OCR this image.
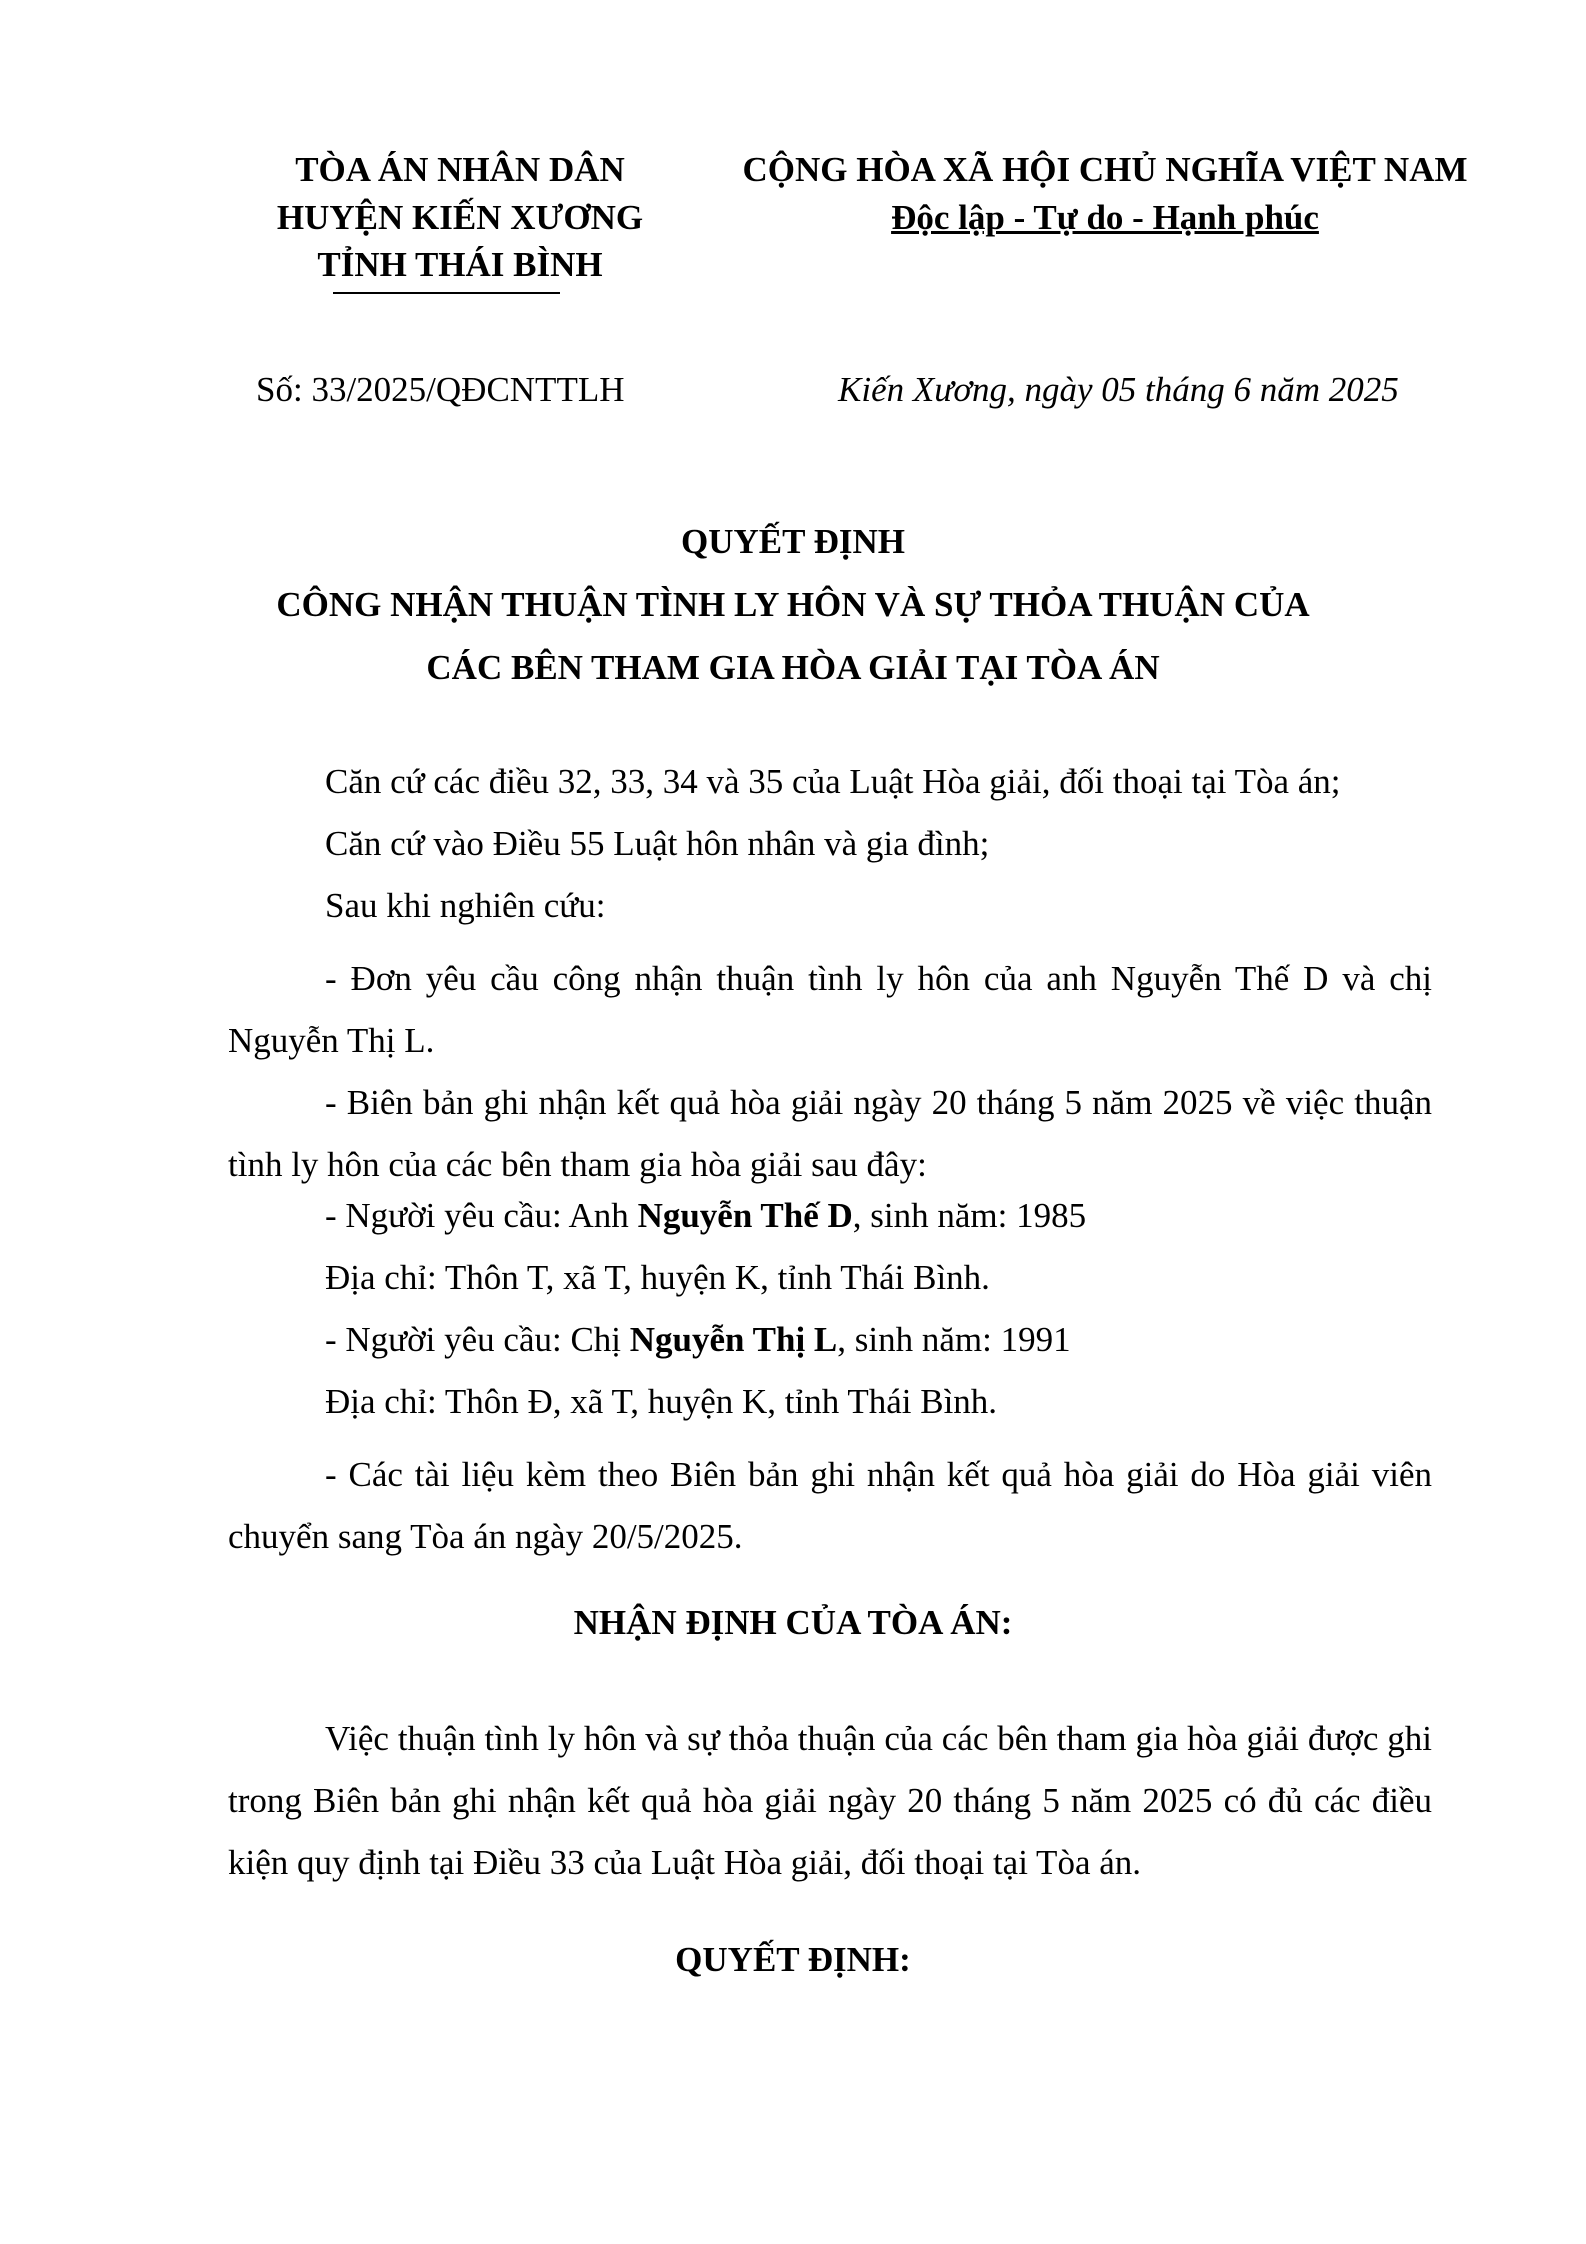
TÒA ÁN NHÂN DÂN
HUYỆN KIẾN XƯƠNG
TỈNH THÁI BÌNH
CỘNG HÒA XÃ HỘI CHỦ NGHĨA VIỆT NAM
Độc lập - Tự do - Hạnh phúc
Số: 33/2025/QĐCNTTLH	Kiến Xương, ngày 05 tháng 6 năm 2025
QUYẾT ĐỊNH
CÔNG NHẬN THUẬN TÌNH LY HÔN VÀ SỰ THỎA THUẬN CỦA
CÁC BÊN THAM GIA HÒA GIẢI TẠI TÒA ÁN
Căn cứ các điều 32, 33, 34 và 35 của Luật Hòa giải, đối thoại tại Tòa án;
Căn cứ vào Điều 55 Luật hôn nhân và gia đình;
Sau khi nghiên cứu:
- Đơn yêu cầu công nhận thuận tình ly hôn của anh Nguyễn Thế D và chị Nguyễn Thị L.
- Biên bản ghi nhận kết quả hòa giải ngày 20 tháng 5 năm 2025 về việc thuận tình ly hôn của các bên tham gia hòa giải sau đây:
- Người yêu cầu: Anh Nguyễn Thế D, sinh năm: 1985
Địa chỉ: Thôn T, xã T, huyện K, tỉnh Thái Bình.
- Người yêu cầu: Chị Nguyễn Thị L, sinh năm: 1991
Địa chỉ: Thôn Đ, xã T, huyện K, tỉnh Thái Bình.
- Các tài liệu kèm theo Biên bản ghi nhận kết quả hòa giải do Hòa giải viên chuyển sang Tòa án ngày 20/5/2025.
NHẬN ĐỊNH CỦA TÒA ÁN:
Việc thuận tình ly hôn và sự thỏa thuận của các bên tham gia hòa giải được ghi trong Biên bản ghi nhận kết quả hòa giải ngày 20 tháng 5 năm 2025 có đủ các điều kiện quy định tại Điều 33 của Luật Hòa giải, đối thoại tại Tòa án.
QUYẾT ĐỊNH:
